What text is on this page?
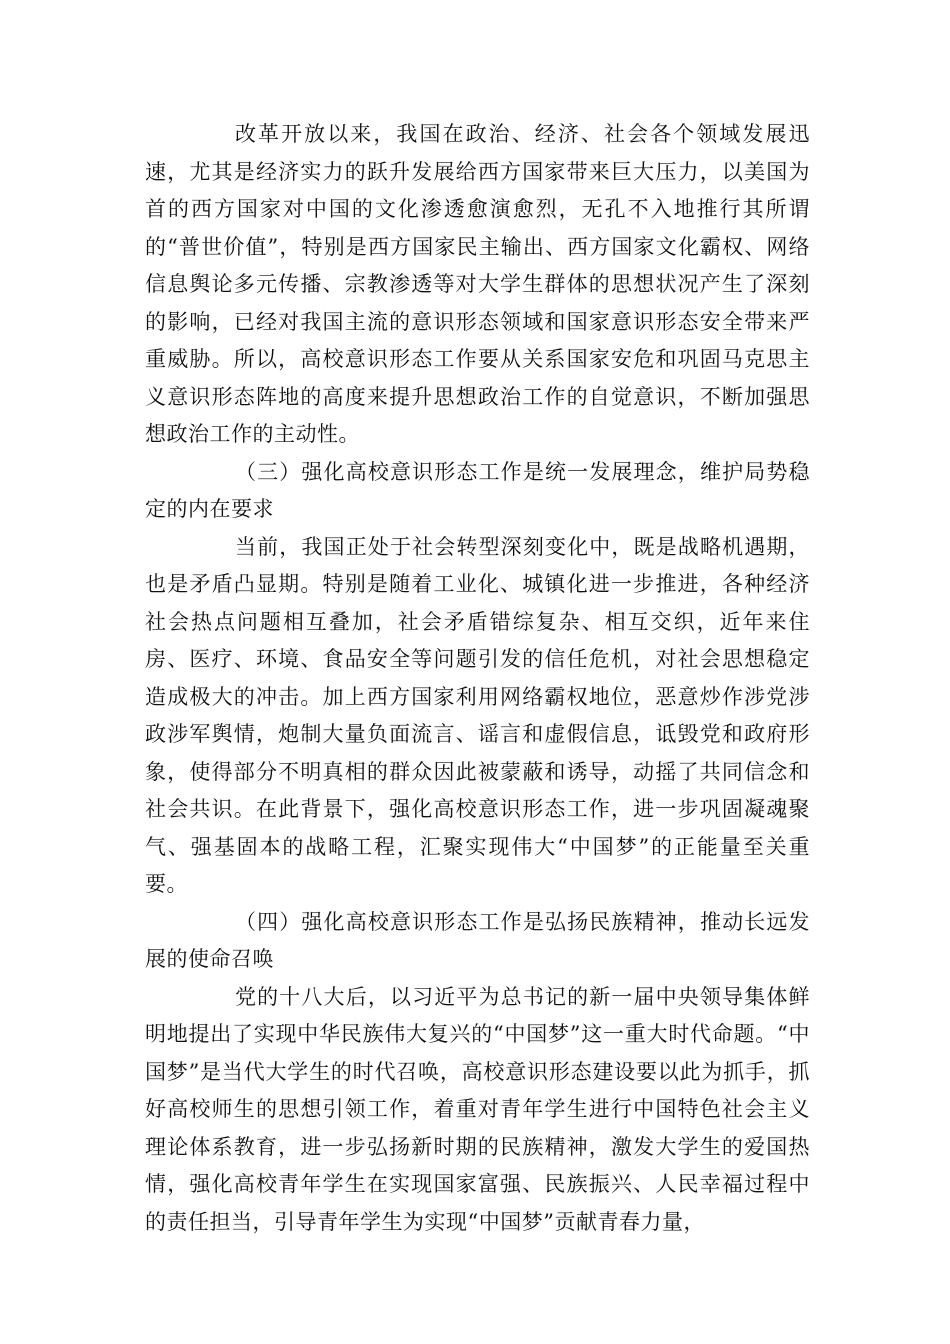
改革开放以来，我国在政治、经济、社会各个领域发展迅速，尤其是经济实力的跃升发展给西方国家带来巨大压力，以美国为首的西方国家对中国的文化渗透愈演愈烈，无孔不入地推行其所谓的“普世价值”，特别是西方国家民主输出、西方国家文化霸权、网络信息舆论多元传播、宗教渗透等对大学生群体的思想状况产生了深刻的影响，已经对我国主流的意识形态领域和国家意识形态安全带来严重威胁。所以，高校意识形态工作要从关系国家安危和巩固马克思主义意识形态阵地的高度来提升思想政治工作的自觉意识，不断加强思想政治工作的主动性。

（三）强化高校意识形态工作是统一发展理念，维护局势稳定的内在要求

当前，我国正处于社会转型深刻变化中，既是战略机遇期，也是矛盾凸显期。特别是随着工业化、城镇化进一步推进，各种经济社会热点问题相互叠加，社会矛盾错综复杂、相互交织，近年来住房、医疗、环境、食品安全等问题引发的信任危机，对社会思想稳定造成极大的冲击。加上西方国家利用网络霸权地位，恶意炒作涉党涉政涉军舆情，炮制大量负面流言、谣言和虚假信息，诋毁党和政府形象，使得部分不明真相的群众因此被蒙蔽和诱导，动摇了共同信念和社会共识。在此背景下，强化高校意识形态工作，进一步巩固凝魂聚气、强基固本的战略工程，汇聚实现伟大“中国梦”的正能量至关重要。

（四）强化高校意识形态工作是弘扬民族精神，推动长远发展的使命召唤

党的十八大后，以习近平为总书记的新一届中央领导集体鲜明地提出了实现中华民族伟大复兴的“中国梦”这一重大时代命题。“中国梦”是当代大学生的时代召唤，高校意识形态建设要以此为抓手，抓好高校师生的思想引领工作，着重对青年学生进行中国特色社会主义理论体系教育，进一步弘扬新时期的民族精神，激发大学生的爱国热情，强化高校青年学生在实现国家富强、民族振兴、人民幸福过程中的责任担当，引导青年学生为实现“中国梦”贡献青春力量，
